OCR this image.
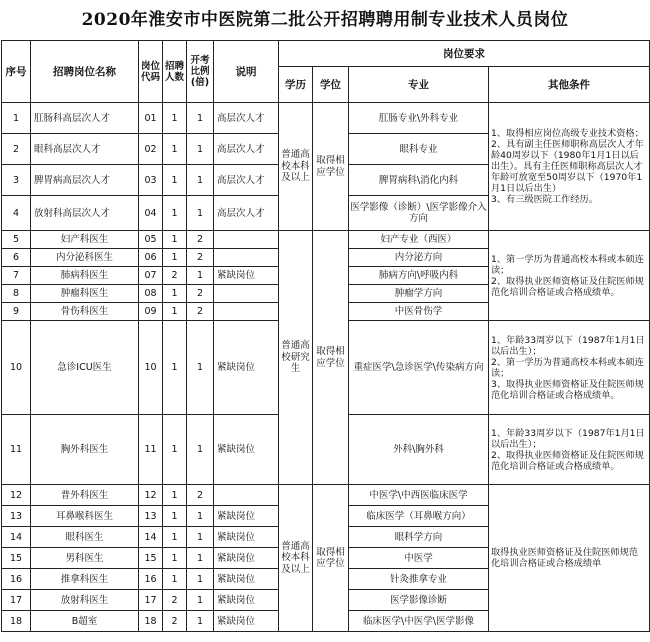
2020年淮安市中医院第二批公开招聘聘用制专业技术人员岗位
序号	招聘岗位名称	岗位代码	招聘人数	开考比例(倍)	说明	岗位要求			
						学历	学位	专业	其他条件
1	肛肠科高层次人才	01	1	1	高层次人才	普通高校本科及以上	取得相应学位	肛肠专业\外科专业	1、取得相应岗位高级专业技术资格；
2、具有副主任医师职称高层次人才年龄40周岁以下（1980年1月1日以后出生）。具有主任医师职称高层次人才年龄可放宽至50周岁以下（1970年1月1日以后出生）
3、有三级医院工作经历。
2	眼科高层次人才	02	1	1	高层次人才			眼科专业	
3	脾胃病高层次人才	03	1	1	高层次人才			脾胃病科\消化内科	
4	放射科高层次人才	04	1	1	高层次人才			医学影像（诊断）\医学影像介入方向	
5	妇产科医生	05	1	2		普通高校研究生	取得相应学位	妇产专业（西医）	1、第一学历为普通高校本科或本硕连读；
2、取得执业医师资格证及住院医师规范化培训合格证或合格成绩单。
6	内分泌科医生	06	1	2				内分泌方向	
7	肺病科医生	07	2	1	紧缺岗位			肺病方向\呼吸内科	
8	肿瘤科医生	08	1	2				肿瘤学方向	
9	骨伤科医生	09	1	2				中医骨伤学	
10	急诊ICU医生	10	1	1	紧缺岗位			重症医学\急诊医学\传染病方向	1、年龄33周岁以下（1987年1月1日以后出生）；
2、第一学历为普通高校本科或本硕连读；
3、取得执业医师资格证及住院医师规范化培训合格证或合格成绩单。
11	胸外科医生	11	1	1	紧缺岗位			外科\胸外科	1、年龄33周岁以下（1987年1月1日以后出生）；
2、取得执业医师资格证及住院医师规范化培训合格证或合格成绩单。
12	普外科医生	12	1	2		普通高校本科及以上	取得相应学位	中医学\中西医临床医学	取得执业医师资格证及住院医师规范化培训合格证或合格成绩单
13	耳鼻喉科医生	13	1	1	紧缺岗位			临床医学（耳鼻喉方向）	
14	眼科医生	14	1	1	紧缺岗位			眼科学方向	
15	男科医生	15	1	1	紧缺岗位			中医学	
16	推拿科医生	16	1	1	紧缺岗位			针灸推拿专业	
17	放射科医生	17	2	1	紧缺岗位			医学影像诊断	
18	B超室	18	2	1	紧缺岗位			临床医学\中医学\医学影像	
